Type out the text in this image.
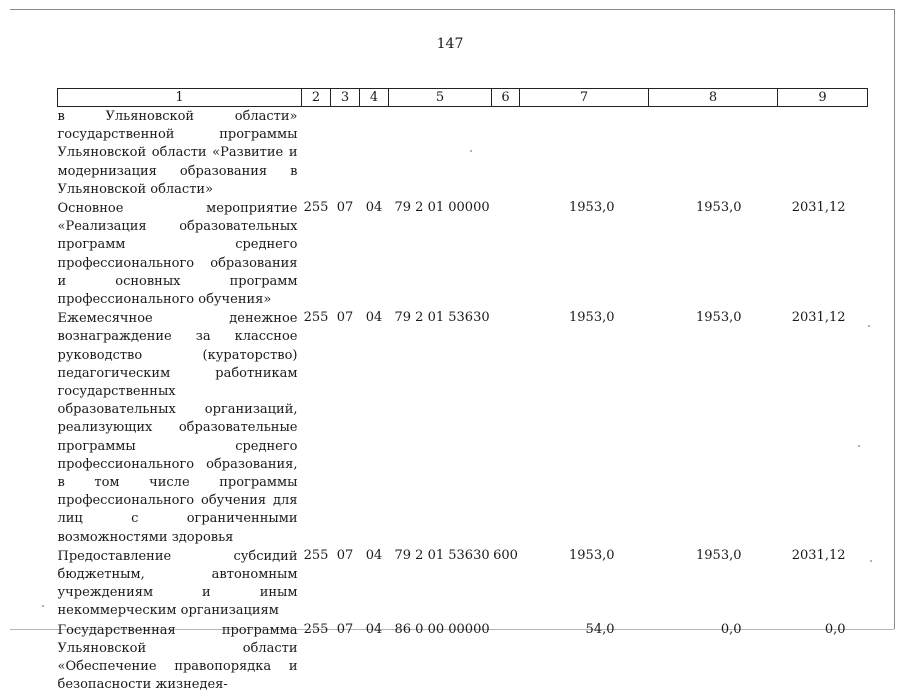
147
1	2	3	4	5	6	7	8	9
в Ульяновской области» государственной программы Ульяновской области «Развитие и модернизация образования в Ульяновской области»								
Основное мероприятие «Реализация образовательных программ среднего профессионального образования и основных программ профессионального обучения»	255	07	04	79 2 01 00000		1953,0	1953,0	2031,12
Ежемесячное денежное вознаграждение за классное руководство (кураторство) педагогическим работникам государственных образовательных организаций, реализующих образовательные программы среднего профессионального образования, в том числе программы профессионального обучения для лиц с ограниченными возможностями здоровья	255	07	04	79 2 01 53630		1953,0	1953,0	2031,12
Предоставление субсидий бюджетным, автономным учреждениям и иным некоммерческим организациям	255	07	04	79 2 01 53630	600	1953,0	1953,0	2031,12
Государственная программа Ульяновской области «Обеспечение правопорядка и безопасности жизнедея-	255	07	04	86 0 00 00000		54,0	0,0	0,0
